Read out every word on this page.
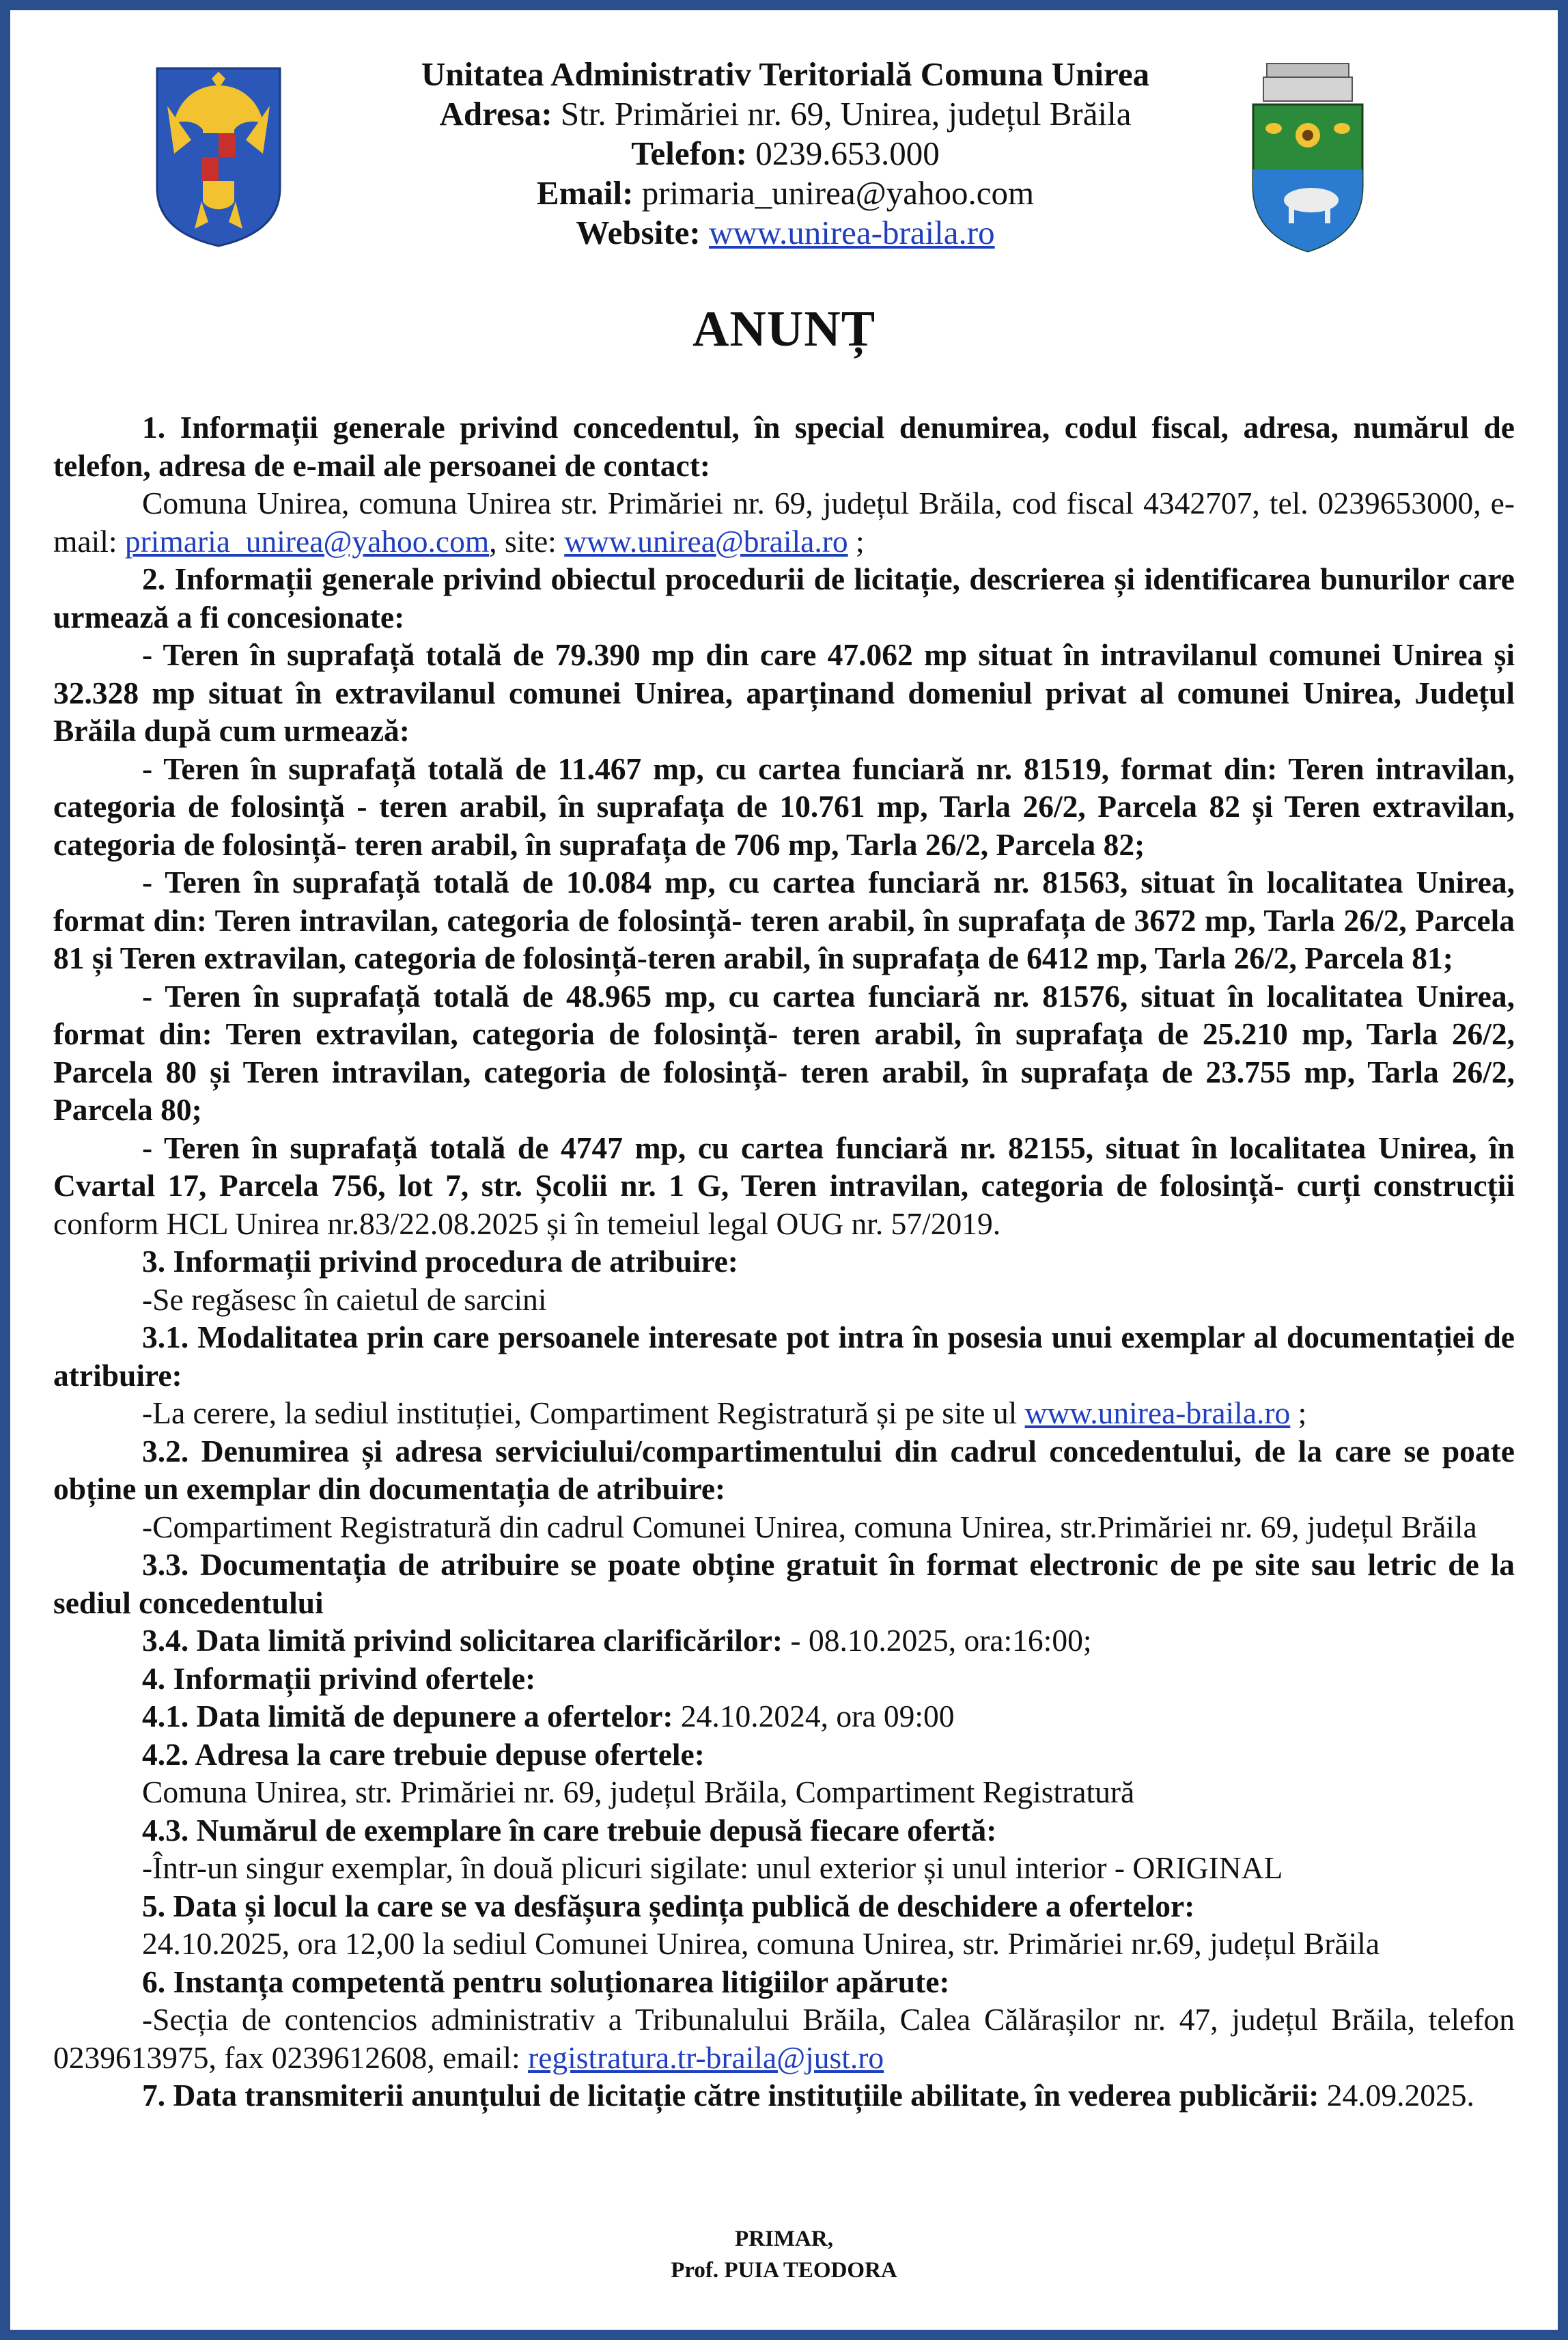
Unitatea Administrativ Teritorială Comuna Unirea
Adresa: Str. Primăriei nr. 69, Unirea, județul Brăila
Telefon: 0239.653.000
Email: primaria_unirea@yahoo.com
Website: www.unirea-braila.ro
ANUNȚ

1. Informații generale privind concedentul, în special denumirea, codul fiscal, adresa, numărul de telefon, adresa de e-mail ale persoanei de contact:

Comuna Unirea, comuna Unirea str. Primăriei nr. 69, județul Brăila, cod fiscal 4342707, tel. 0239653000, e-mail: primaria_unirea@yahoo.com, site: www.unirea@braila.ro ;

2. Informații generale privind obiectul procedurii de licitație, descrierea și identificarea bunurilor care urmează a fi concesionate:

- Teren în suprafață totală de 79.390 mp din care 47.062 mp situat în intravilanul comunei Unirea și 32.328 mp situat în extravilanul comunei Unirea, aparținand domeniul privat al comunei Unirea, Județul Brăila după cum urmează:

- Teren în suprafață totală de 11.467 mp, cu cartea funciară nr. 81519, format din: Teren intravilan, categoria de folosință - teren arabil, în suprafața de 10.761 mp, Tarla 26/2, Parcela 82 și Teren extravilan, categoria de folosință- teren arabil, în suprafața de 706 mp, Tarla 26/2, Parcela 82;

- Teren în suprafață totală de 10.084 mp, cu cartea funciară nr. 81563, situat în localitatea Unirea, format din: Teren intravilan, categoria de folosință- teren arabil, în suprafața de 3672 mp, Tarla 26/2, Parcela 81 și Teren extravilan, categoria de folosință-teren arabil, în suprafața de 6412 mp, Tarla 26/2, Parcela 81;

- Teren în suprafață totală de 48.965 mp, cu cartea funciară nr. 81576, situat în localitatea Unirea, format din: Teren extravilan, categoria de folosință- teren arabil, în suprafața de 25.210 mp, Tarla 26/2, Parcela 80 și Teren intravilan, categoria de folosință- teren arabil, în suprafața de 23.755 mp, Tarla 26/2, Parcela 80;

- Teren în suprafață totală de 4747 mp, cu cartea funciară nr. 82155, situat în localitatea Unirea, în Cvartal 17, Parcela 756, lot 7, str. Școlii nr. 1 G, Teren intravilan, categoria de folosință- curți construcții conform HCL Unirea nr.83/22.08.2025 și în temeiul legal OUG nr. 57/2019.

3. Informații privind procedura de atribuire:

-Se regăsesc în caietul de sarcini

3.1. Modalitatea prin care persoanele interesate pot intra în posesia unui exemplar al documentației de atribuire:

-La cerere, la sediul instituției, Compartiment Registratură și pe site ul www.unirea-braila.ro ;

3.2. Denumirea și adresa serviciului/compartimentului din cadrul concedentului, de la care se poate obține un exemplar din documentația de atribuire:

-Compartiment Registratură din cadrul Comunei Unirea, comuna Unirea, str.Primăriei nr. 69, județul Brăila

3.3. Documentația de atribuire se poate obține gratuit în format electronic de pe site sau letric de la sediul concedentului

3.4. Data limită privind solicitarea clarificărilor: - 08.10.2025, ora:16:00;

4. Informații privind ofertele:

4.1. Data limită de depunere a ofertelor: 24.10.2024, ora 09:00

4.2. Adresa la care trebuie depuse ofertele:

Comuna Unirea, str. Primăriei nr. 69, județul Brăila, Compartiment Registratură

4.3. Numărul de exemplare în care trebuie depusă fiecare ofertă:

-Într-un singur exemplar, în două plicuri sigilate: unul exterior și unul interior - ORIGINAL

5. Data și locul la care se va desfășura ședința publică de deschidere a ofertelor:

24.10.2025, ora 12,00 la sediul Comunei Unirea, comuna Unirea, str. Primăriei nr.69, județul Brăila

6. Instanța competentă pentru soluționarea litigiilor apărute:

-Secția de contencios administrativ a Tribunalului Brăila, Calea Călărașilor nr. 47, județul Brăila, telefon 0239613975, fax 0239612608, email: registratura.tr-braila@just.ro

7. Data transmiterii anunțului de licitație către instituțiile abilitate, în vederea publicării: 24.09.2025.

PRIMAR,
Prof. PUIA TEODORA
